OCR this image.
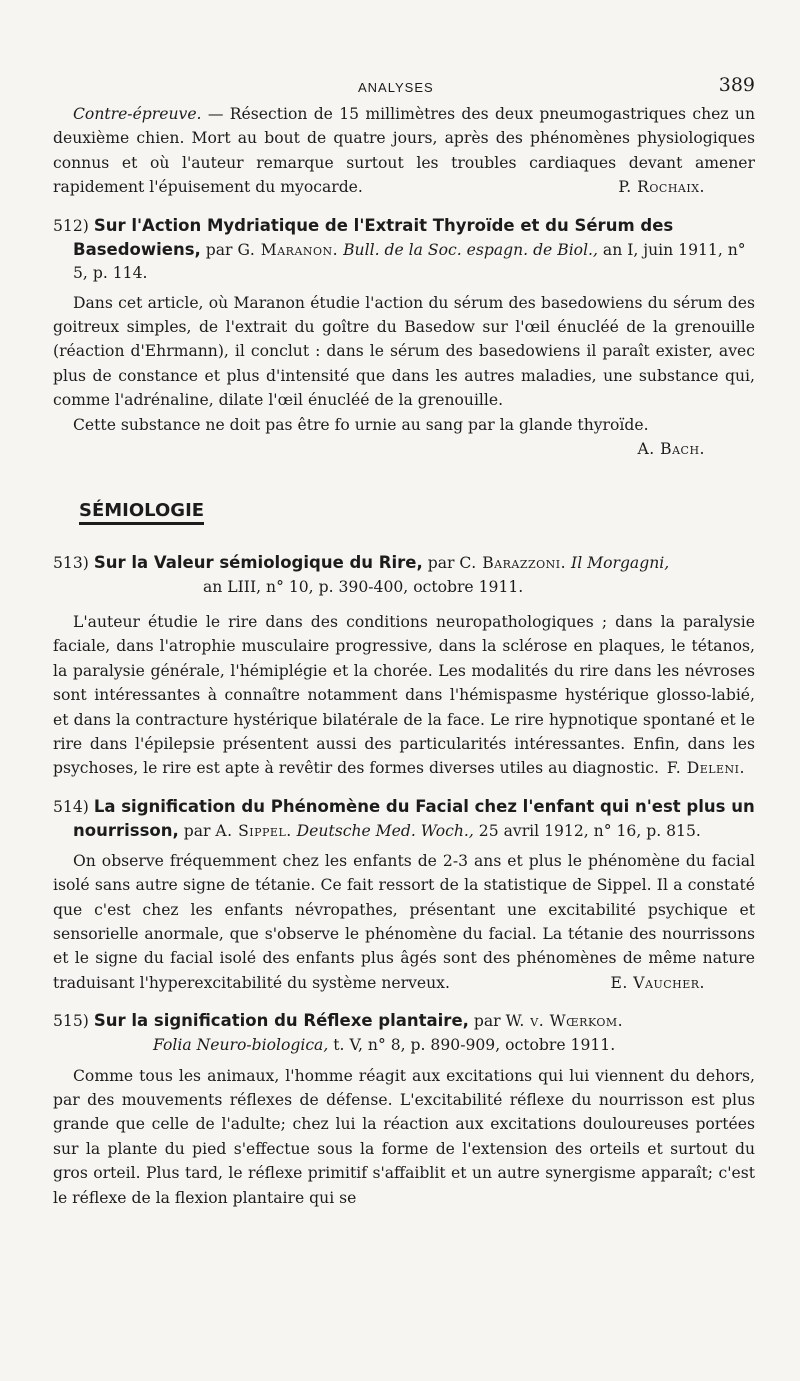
ANALYSES	389

Contre-épreuve. — Résection de 15 millimètres des deux pneumogastriques chez un deuxième chien. Mort au bout de quatre jours, après des phénomènes physiologiques connus et où l'auteur remarque surtout les troubles cardiaques devant amener rapidement l'épuisement du myocarde.	P. Rochaix.

512) Sur l'Action Mydriatique de l'Extrait Thyroïde et du Sérum des Basedowiens, par G. Maranon. Bull. de la Soc. espagn. de Biol., an I, juin 1911, n° 5, p. 114.

Dans cet article, où Maranon étudie l'action du sérum des basedowiens du sérum des goitreux simples, de l'extrait du goître du Basedow sur l'œil énucléé de la grenouille (réaction d'Ehrmann), il conclut : dans le sérum des basedowiens il paraît exister, avec plus de constance et plus d'intensité que dans les autres maladies, une substance qui, comme l'adrénaline, dilate l'œil énucléé de la grenouille.

Cette substance ne doit pas être fo urnie au sang par la glande thyroïde.

A. Bach.

SÉMIOLOGIE

513) Sur la Valeur sémiologique du Rire, par C. Barazzoni. Il Morgagni,

an LIII, n° 10, p. 390-400, octobre 1911.

L'auteur étudie le rire dans des conditions neuropathologiques ; dans la paralysie faciale, dans l'atrophie musculaire progressive, dans la sclérose en plaques, le tétanos, la paralysie générale, l'hémiplégie et la chorée. Les modalités du rire dans les névroses sont intéressantes à connaître notamment dans l'hémispasme hystérique glosso-labié, et dans la contracture hystérique bilatérale de la face. Le rire hypnotique spontané et le rire dans l'épilepsie présentent aussi des particularités intéressantes. Enfin, dans les psychoses, le rire est apte à revêtir des formes diverses utiles au diagnostic. F. Deleni.

514) La signification du Phénomène du Facial chez l'enfant qui n'est plus un nourrisson, par A. Sippel. Deutsche Med. Woch., 25 avril 1912, n° 16, p. 815.

On observe fréquemment chez les enfants de 2-3 ans et plus le phénomène du facial isolé sans autre signe de tétanie. Ce fait ressort de la statistique de Sippel. Il a constaté que c'est chez les enfants névropathes, présentant une excitabilité psychique et sensorielle anormale, que s'observe le phénomène du facial. La tétanie des nourrissons et le signe du facial isolé des enfants plus âgés sont des phénomènes de même nature traduisant l'hyperexcitabilité du système nerveux.	E. Vaucher.

515) Sur la signification du Réflexe plantaire, par W. v. Wœrkom.

Folia Neuro-biologica, t. V, n° 8, p. 890-909, octobre 1911.

Comme tous les animaux, l'homme réagit aux excitations qui lui viennent du dehors, par des mouvements réflexes de défense. L'excitabilité réflexe du nourrisson est plus grande que celle de l'adulte; chez lui la réaction aux excitations douloureuses portées sur la plante du pied s'effectue sous la forme de l'extension des orteils et surtout du gros orteil. Plus tard, le réflexe primitif s'affaiblit et un autre synergisme apparaît; c'est le réflexe de la flexion plantaire qui se
